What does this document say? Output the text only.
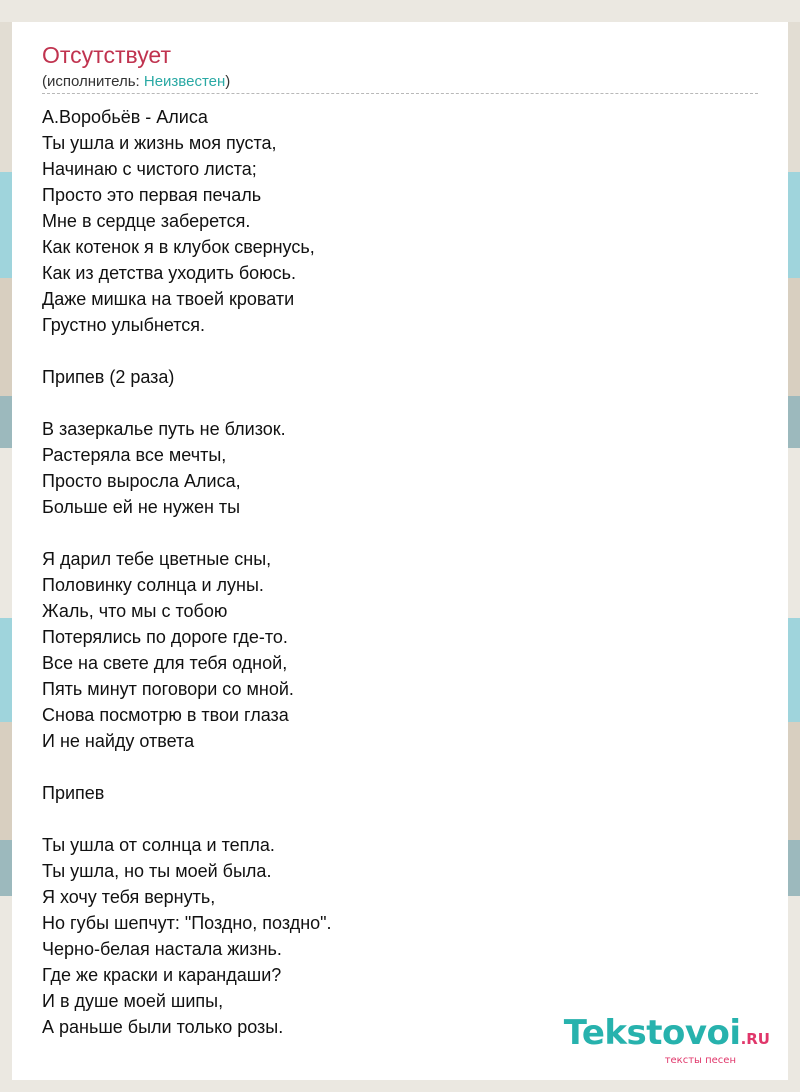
Отсутствует
(исполнитель: Неизвестен)
А.Воробьёв - Алиса
Ты ушла и жизнь моя пуста,
Начинаю с чистого листа;
Просто это первая печаль
Мне в сердце заберется.
Как котенок я в клубок свернусь,
Как из детства уходить боюсь.
Даже мишка на твоей кровати
Грустно улыбнется.
Припев (2 раза)
В зазеркалье путь не близок.
Растеряла все мечты,
Просто выросла Алиса,
Больше ей не нужен ты
Я дарил тебе цветные сны,
Половинку солнца и луны.
Жаль, что мы с тобою
Потерялись по дороге где-то.
Все на свете для тебя одной,
Пять минут поговори со мной.
Снова посмотрю в твои глаза
И не найду ответа
Припев
Ты ушла от солнца и тепла.
Ты ушла, но ты моей была.
Я хочу тебя вернуть,
Но губы шепчут: "Поздно, поздно".
Черно-белая настала жизнь.
Где же краски и карандаши?
И в душе моей шипы,
А раньше были только розы.	Tekstovoi.RU
тексты песен
